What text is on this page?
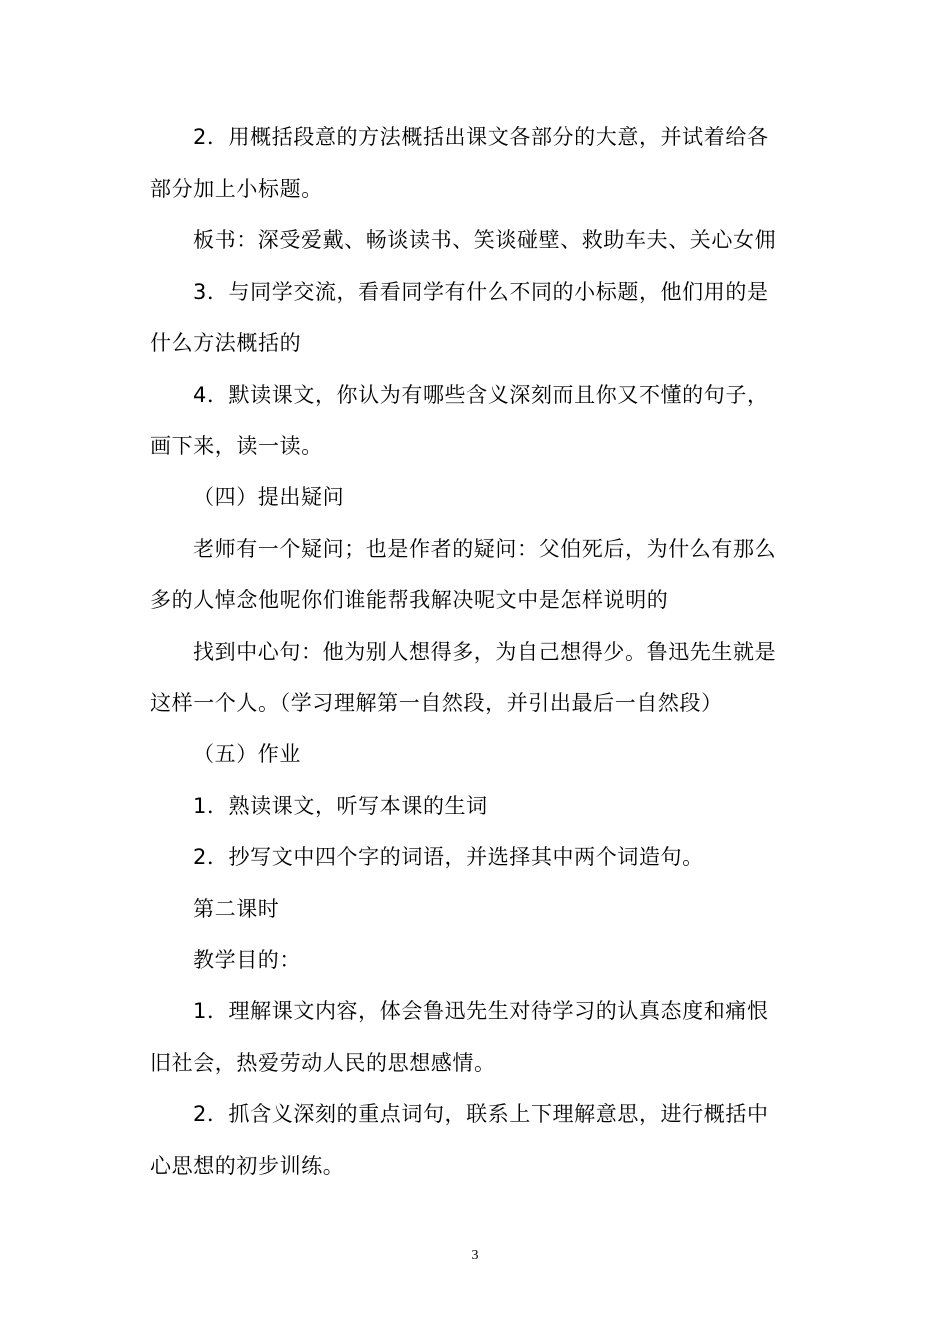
2．用概括段意的方法概括出课文各部分的大意，并试着给各
部分加上小标题。
板书：深受爱戴、畅谈读书、笑谈碰壁、救助车夫、关心女佣
3．与同学交流，看看同学有什么不同的小标题，他们用的是
什么方法概括的
4．默读课文，你认为有哪些含义深刻而且你又不懂的句子，
画下来，读一读。
（四）提出疑问
老师有一个疑问；也是作者的疑问：父伯死后，为什么有那么
多的人悼念他呢你们谁能帮我解决呢文中是怎样说明的
找到中心句：他为别人想得多，为自己想得少。鲁迅先生就是
这样一个人。（学习理解第一自然段，并引出最后一自然段）
（五）作业
1．熟读课文，听写本课的生词
2．抄写文中四个字的词语，并选择其中两个词造句。
第二课时
教学目的：
1．理解课文内容，体会鲁迅先生对待学习的认真态度和痛恨
旧社会，热爱劳动人民的思想感情。
2．抓含义深刻的重点词句，联系上下理解意思，进行概括中
心思想的初步训练。
3
